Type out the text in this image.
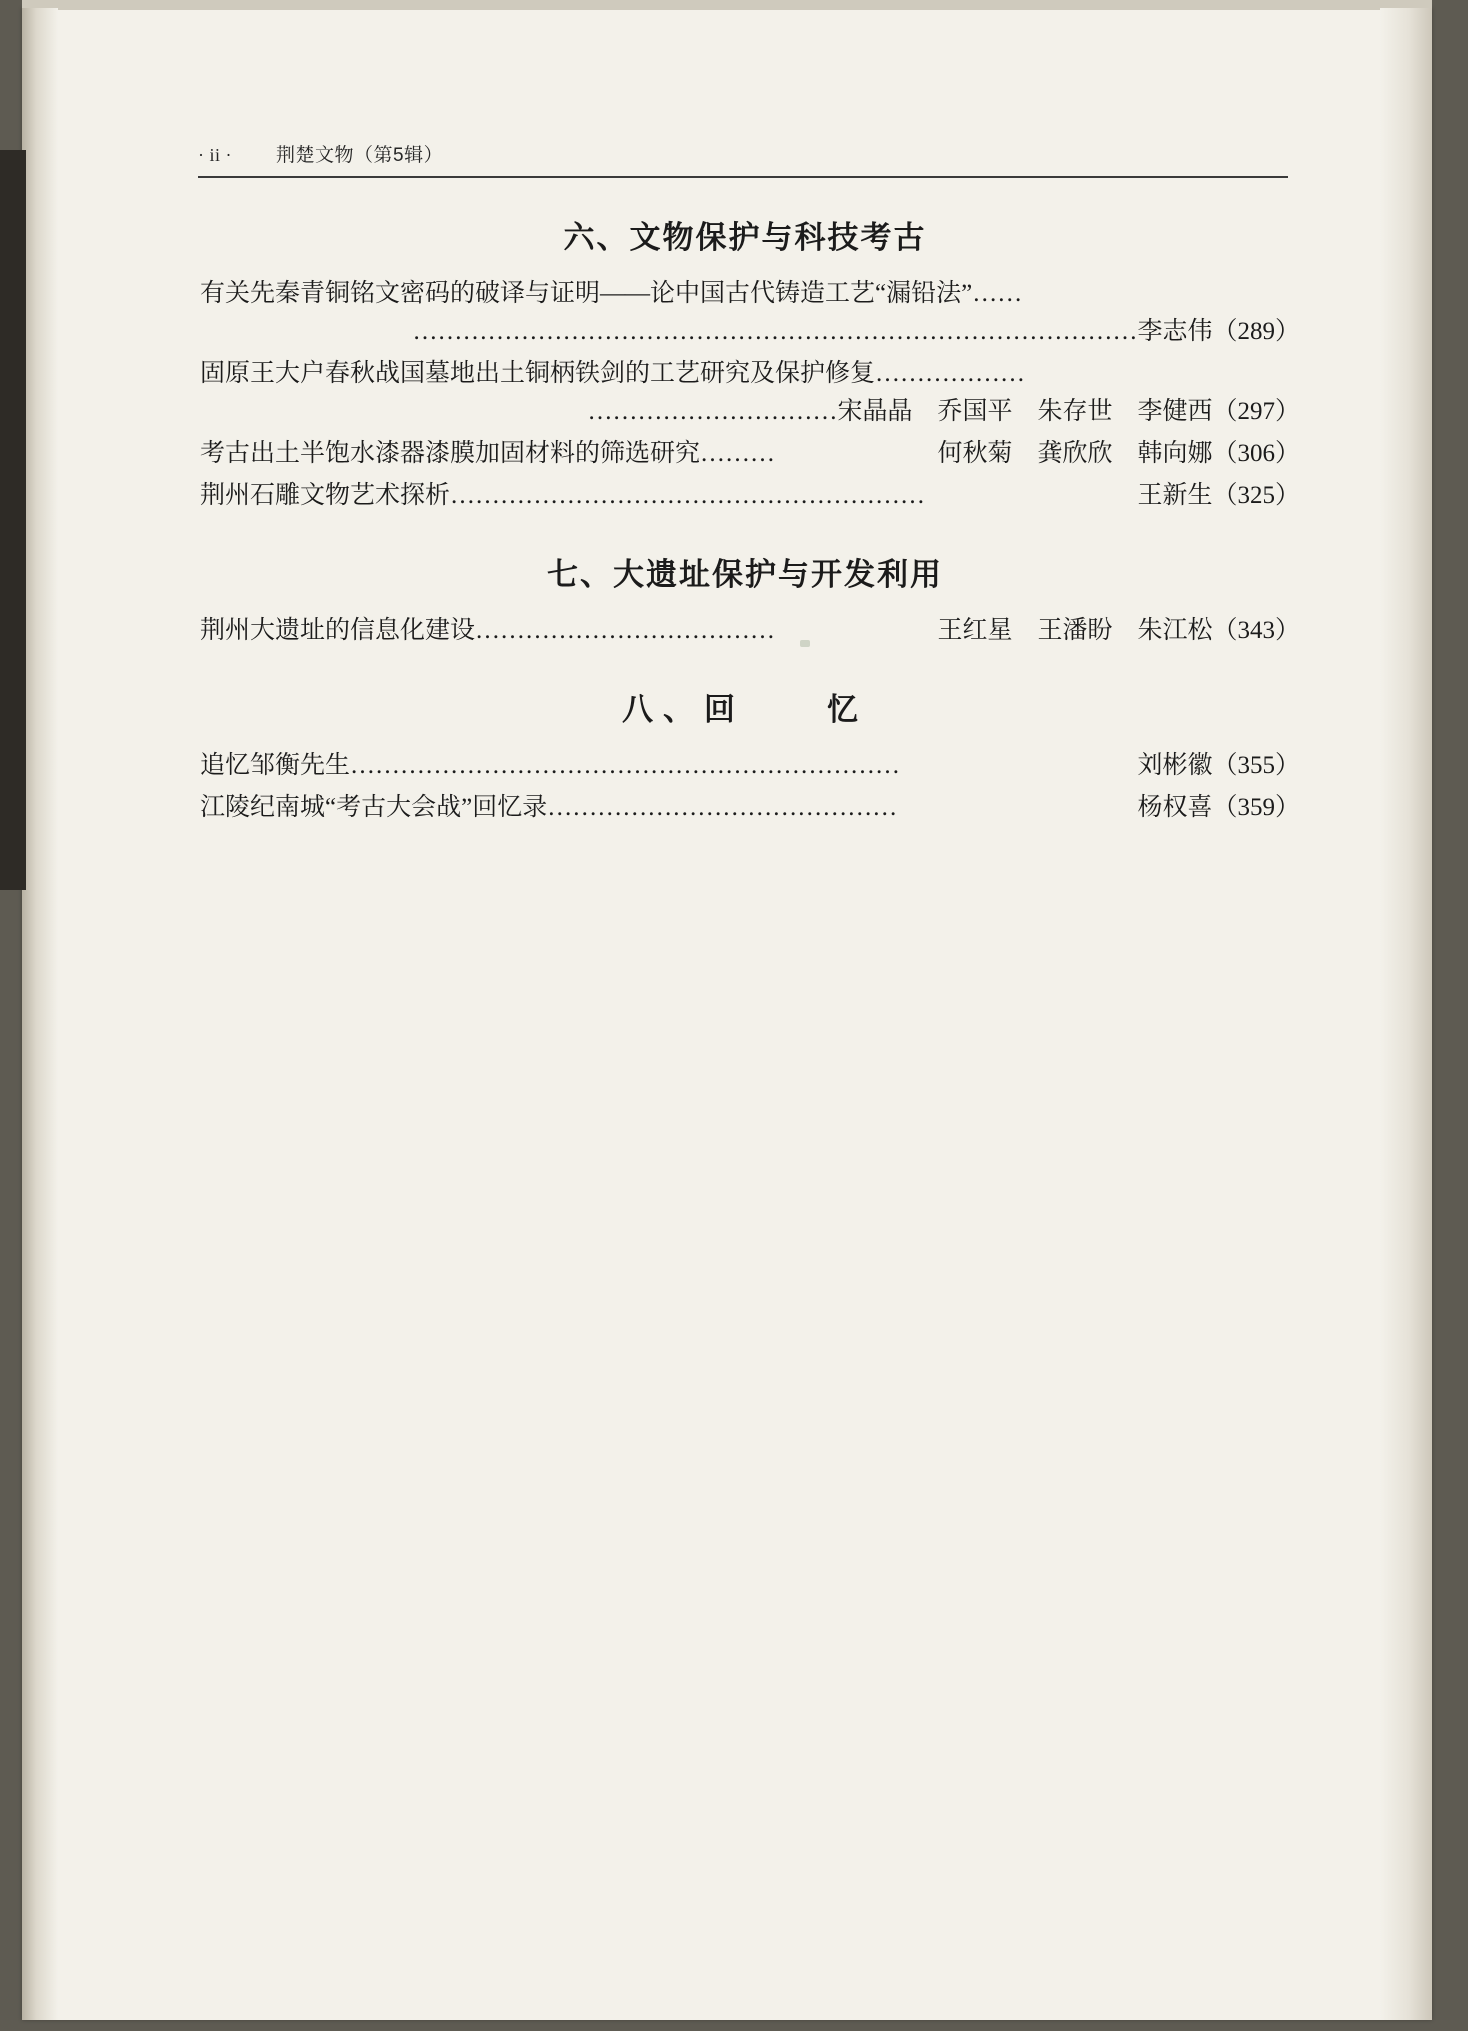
· ii · 荆楚文物（第5辑）
六、文物保护与科技考古
有关先秦青铜铭文密码的破译与证明——论中国古代铸造工艺“漏铅法”……
……………………………………………………………………………李志伟（289）
固原王大户春秋战国墓地出土铜柄铁剑的工艺研究及保护修复………………
…………………………宋晶晶　乔国平　朱存世　李健西（297）
考古出土半饱水漆器漆膜加固材料的筛选研究 ………	何秋菊　龚欣欣　韩向娜 （306）
荆州石雕文物艺术探析 …………………………………………………	王新生 （325）
七、大遗址保护与开发利用
荆州大遗址的信息化建设 ………………………………	王红星　王潘盼　朱江松 （343）
八、回　　忆
追忆邹衡先生 …………………………………………………………	刘彬徽 （355）
江陵纪南城“考古大会战”回忆录 ……………………………………	杨权喜 （359）
